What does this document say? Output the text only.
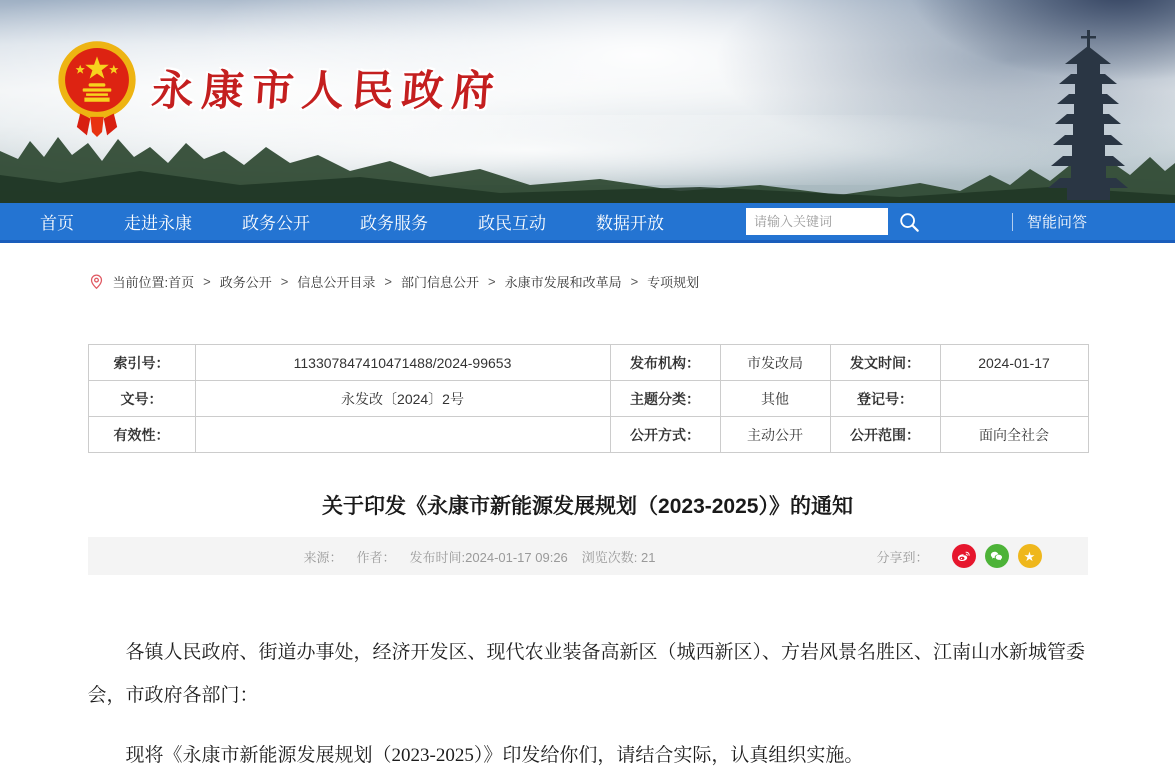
永康市人民政府
首页	走进永康	政务公开	政务服务	政民互动	数据开放
请输入关键词	智能问答
当前位置: 首页 > 政务公开 > 信息公开目录 > 部门信息公开 > 永康市发展和改革局 > 专项规划
索引号：	113307847410471488/2024-99653	发布机构：	市发改局	发文时间：	2024-01-17
文号：	永发改〔2024〕2号	主题分类：	其他	登记号：	
有效性：		公开方式：	主动公开	公开范围：	面向全社会
关于印发《永康市新能源发展规划（2023-2025）》的通知
来源： 作者： 发布时间:2024-01-17 09:26 浏览次数: 21	分享到：	★

各镇人民政府、街道办事处，经济开发区、现代农业装备高新区（城西新区）、方岩风景名胜区、江南山水新城管委会，市政府各部门：

现将《永康市新能源发展规划（2023-2025）》印发给你们，请结合实际，认真组织实施。
